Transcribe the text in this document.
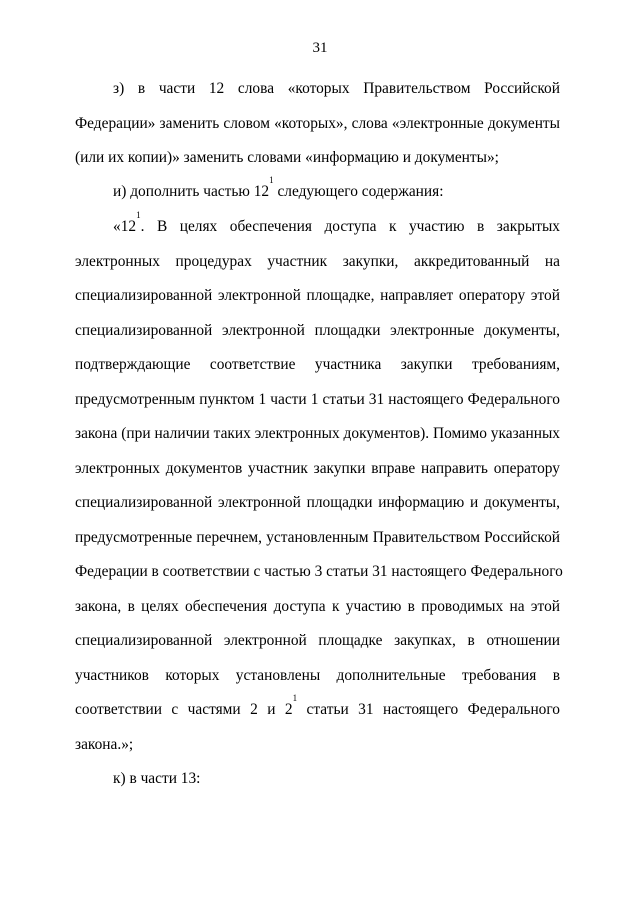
31
з) в части 12 слова «которых Правительством Российской
Федерации» заменить словом «которых», слова «электронные документы
(или их копии)» заменить словами «информацию и документы»;
и) дополнить частью $12^1$ следующего содержания:
«$12^1$. В целях обеспечения доступа к участию в закрытых
электронных процедурах участник закупки, аккредитованный на
специализированной электронной площадке, направляет оператору этой
специализированной электронной площадки электронные документы,
подтверждающие соответствие участника закупки требованиям,
предусмотренным пунктом 1 части 1 статьи 31 настоящего Федерального
закона (при наличии таких электронных документов). Помимо указанных
электронных документов участник закупки вправе направить оператору
специализированной электронной площадки информацию и документы,
предусмотренные перечнем, установленным Правительством Российской
Федерации в соответствии с частью 3 статьи 31 настоящего Федерального
закона, в целях обеспечения доступа к участию в проводимых на этой
специализированной электронной площадке закупках, в отношении
участников которых установлены дополнительные требования в
соответствии с частями 2 и $2^1$ статьи 31 настоящего Федерального
закона.»;
к) в части 13:
